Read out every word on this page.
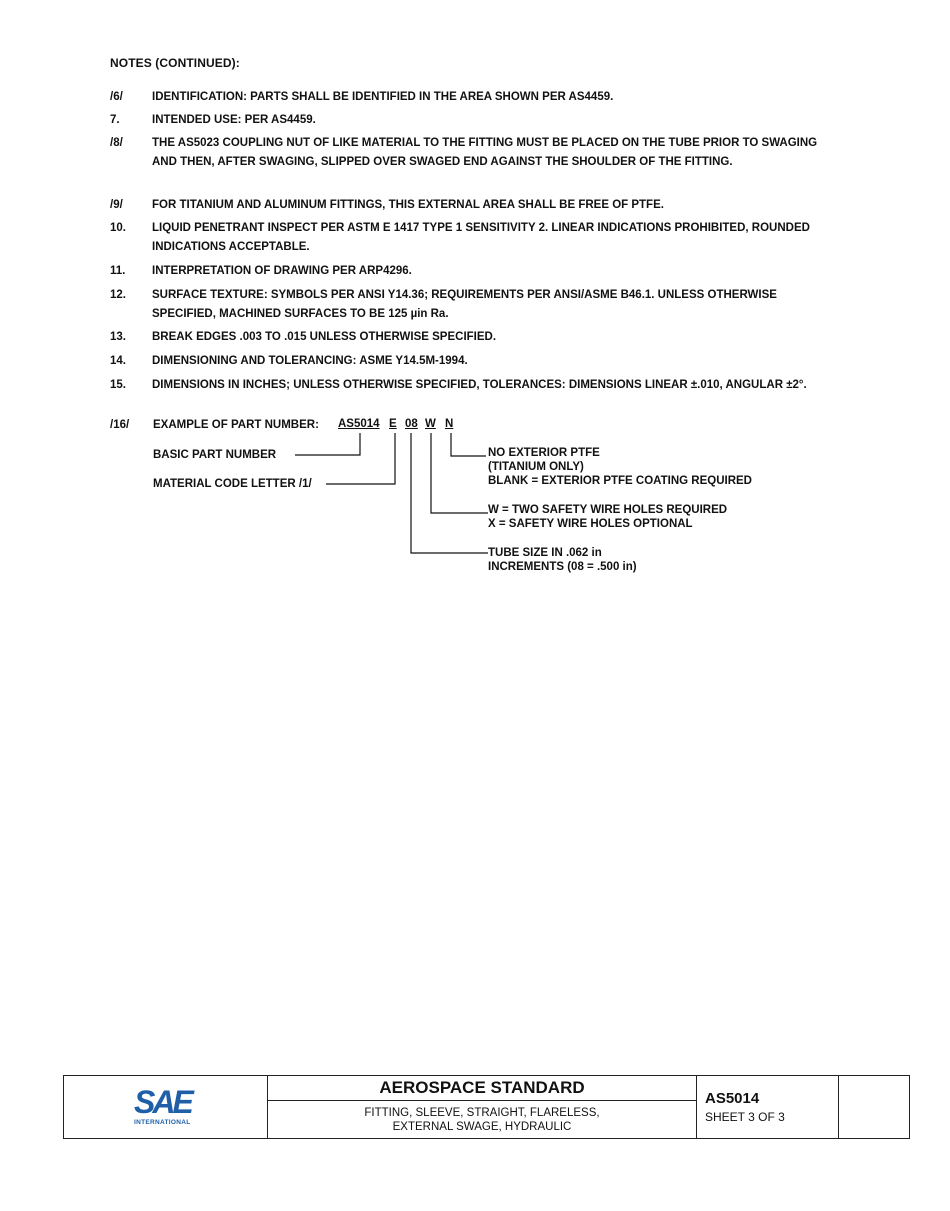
NOTES (CONTINUED):
/6/	IDENTIFICATION: PARTS SHALL BE IDENTIFIED IN THE AREA SHOWN PER AS4459.
7.	INTENDED USE: PER AS4459.
/8/	THE AS5023 COUPLING NUT OF LIKE MATERIAL TO THE FITTING MUST BE PLACED ON THE TUBE PRIOR TO SWAGING AND THEN, AFTER SWAGING, SLIPPED OVER SWAGED END AGAINST THE SHOULDER OF THE FITTING.
/9/	FOR TITANIUM AND ALUMINUM FITTINGS, THIS EXTERNAL AREA SHALL BE FREE OF PTFE.
10.	LIQUID PENETRANT INSPECT PER ASTM E 1417 TYPE 1 SENSITIVITY 2. LINEAR INDICATIONS PROHIBITED, ROUNDED INDICATIONS ACCEPTABLE.
11.	INTERPRETATION OF DRAWING PER ARP4296.
12.	SURFACE TEXTURE: SYMBOLS PER ANSI Y14.36; REQUIREMENTS PER ANSI/ASME B46.1. UNLESS OTHERWISE SPECIFIED, MACHINED SURFACES TO BE 125 µin Ra.
13.	BREAK EDGES .003 TO .015 UNLESS OTHERWISE SPECIFIED.
14.	DIMENSIONING AND TOLERANCING: ASME Y14.5M-1994.
15.	DIMENSIONS IN INCHES; UNLESS OTHERWISE SPECIFIED, TOLERANCES: DIMENSIONS LINEAR ±.010, ANGULAR ±2°.
/16/ EXAMPLE OF PART NUMBER: AS5014 E 08 W N
BASIC PART NUMBER
MATERIAL CODE LETTER /1/
NO EXTERIOR PTFE
(TITANIUM ONLY)
BLANK = EXTERIOR PTFE COATING REQUIRED
W = TWO SAFETY WIRE HOLES REQUIRED
X = SAFETY WIRE HOLES OPTIONAL
TUBE SIZE IN .062 in
INCREMENTS (08 = .500 in)
SAE
INTERNATIONAL
AEROSPACE STANDARD
FITTING, SLEEVE, STRAIGHT, FLARELESS,
EXTERNAL SWAGE, HYDRAULIC
AS5014
SHEET 3 OF 3
